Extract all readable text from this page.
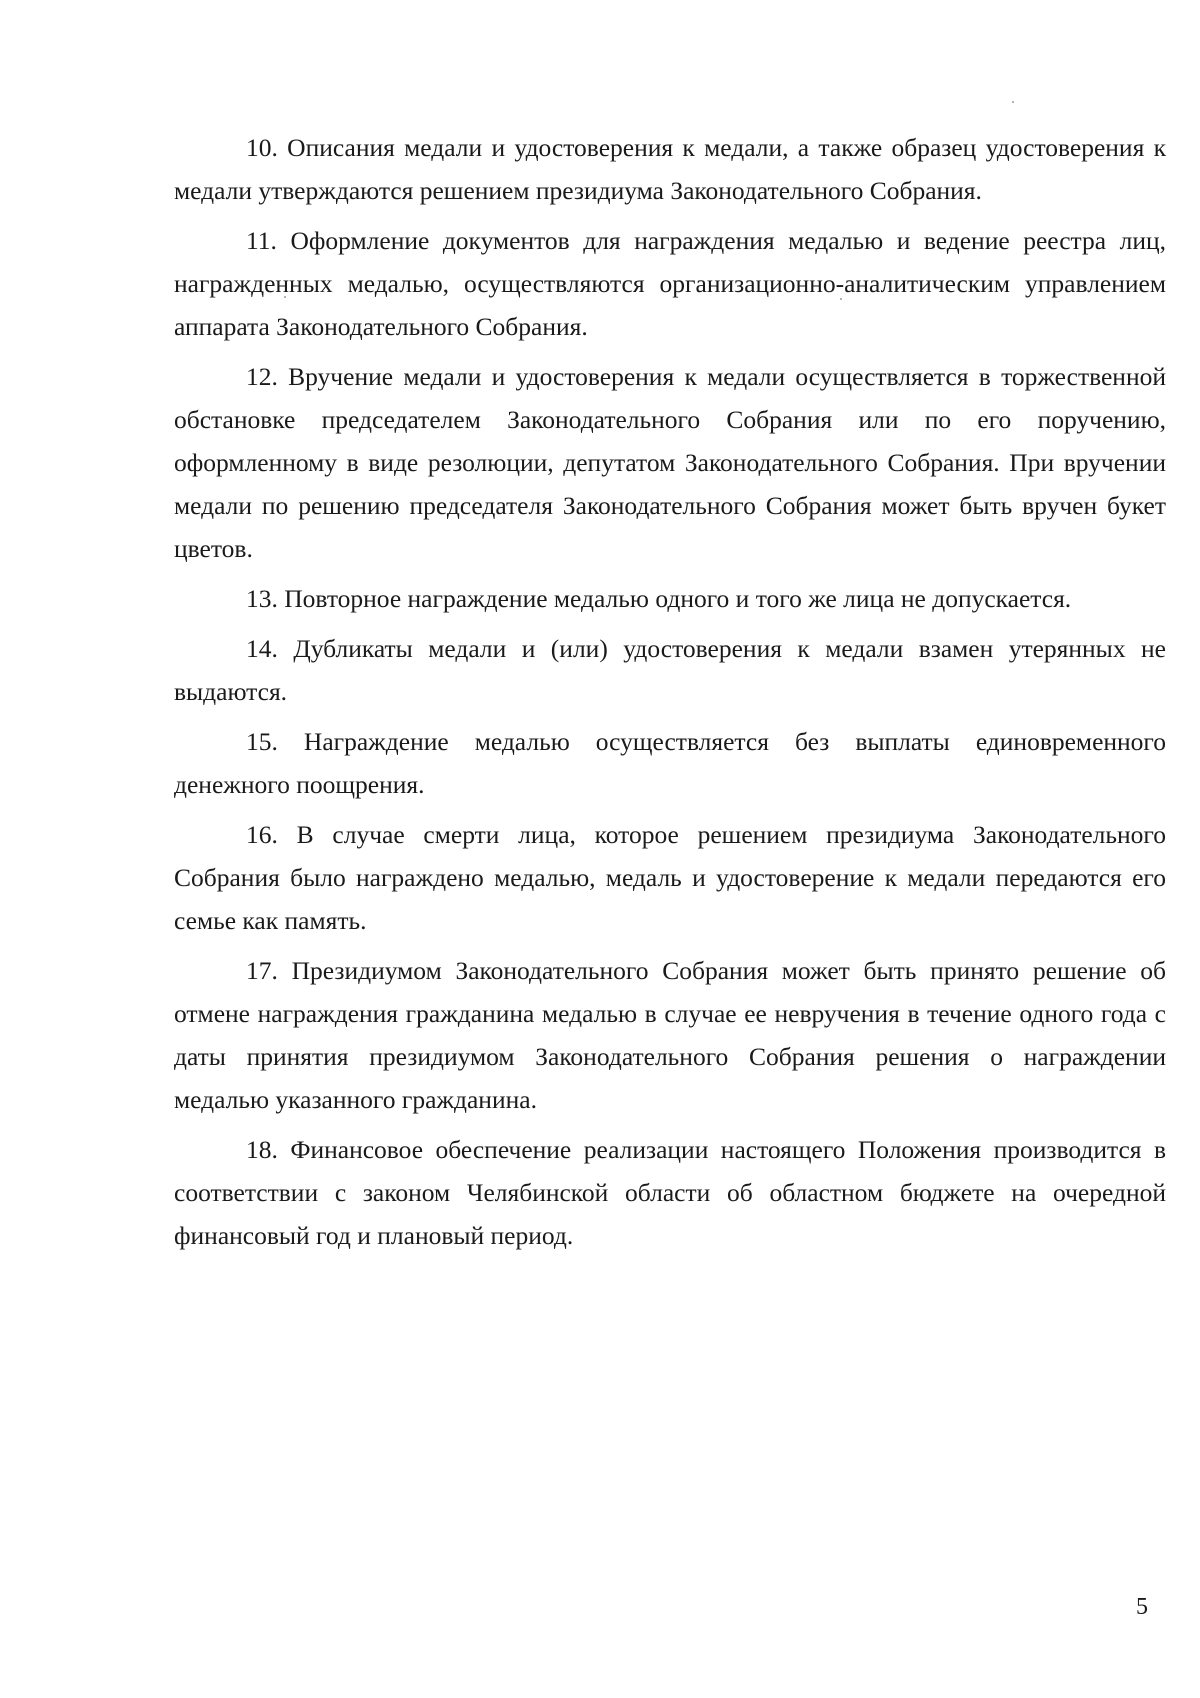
10. Описания медали и удостоверения к медали, а также образец удостоверения к медали утверждаются решением президиума Законодательного Собрания.

11. Оформление документов для награждения медалью и ведение реестра лиц, награжденных медалью, осуществляются организационно-аналитическим управлением аппарата Законодательного Собрания.

12. Вручение медали и удостоверения к медали осуществляется в торжественной обстановке председателем Законодательного Собрания или по его поручению, оформленному в виде резолюции, депутатом Законодательного Собрания. При вручении медали по решению председателя Законодательного Собрания может быть вручен букет цветов.

13. Повторное награждение медалью одного и того же лица не допускается.

14. Дубликаты медали и (или) удостоверения к медали взамен утерянных не выдаются.

15. Награждение медалью осуществляется без выплаты единовременного денежного поощрения.

16. В случае смерти лица, которое решением президиума Законодательного Собрания было награждено медалью, медаль и удостоверение к медали передаются его семье как память.

17. Президиумом Законодательного Собрания может быть принято решение об отмене награждения гражданина медалью в случае ее невручения в течение одного года с даты принятия президиумом Законодательного Собрания решения о награждении медалью указанного гражданина.

18. Финансовое обеспечение реализации настоящего Положения производится в соответствии с законом Челябинской области об областном бюджете на очередной финансовый год и плановый период.

5
